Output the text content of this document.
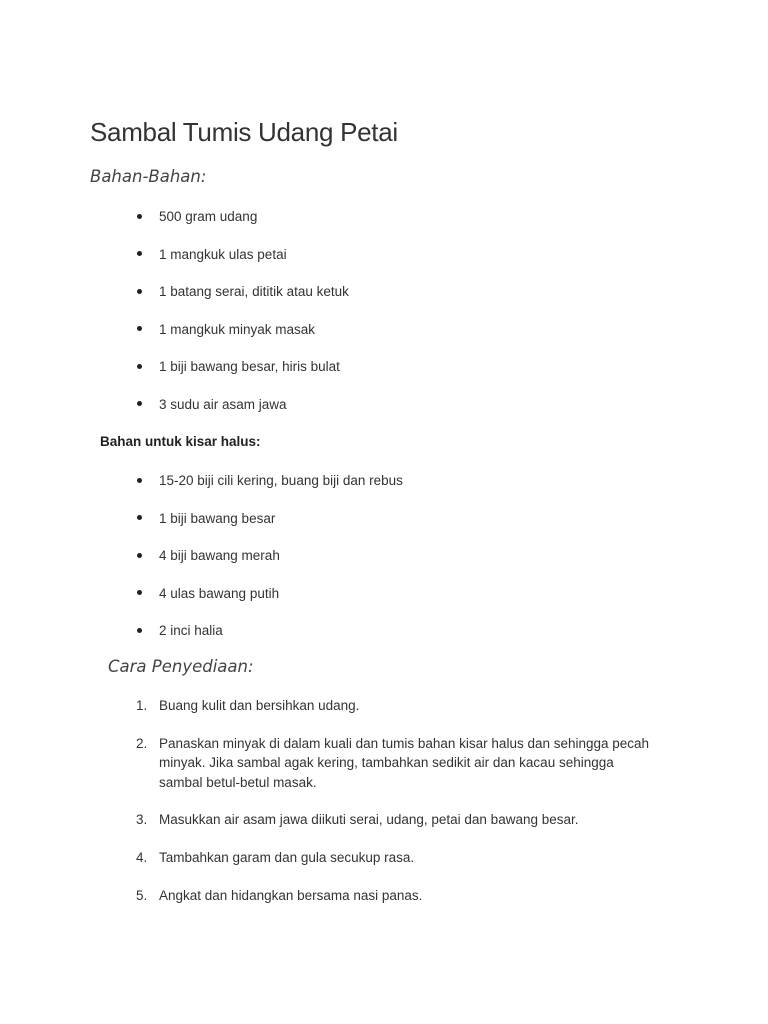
Sambal Tumis Udang Petai
Bahan-Bahan:
500 gram udang
1 mangkuk ulas petai
1 batang serai, dititik atau ketuk
1 mangkuk minyak masak
1 biji bawang besar, hiris bulat
3 sudu air asam jawa

Bahan untuk kisar halus:

15-20 biji cili kering, buang biji dan rebus
1 biji bawang besar
4 biji bawang merah
4 ulas bawang putih
2 inci halia
Cara Penyediaan:
1. Buang kulit dan bersihkan udang.
2. Panaskan minyak di dalam kuali dan tumis bahan kisar halus dan sehingga pecah minyak. Jika sambal agak kering, tambahkan sedikit air dan kacau sehingga sambal betul-betul masak.
3. Masukkan air asam jawa diikuti serai, udang, petai dan bawang besar.
4. Tambahkan garam dan gula secukup rasa.
5. Angkat dan hidangkan bersama nasi panas.
